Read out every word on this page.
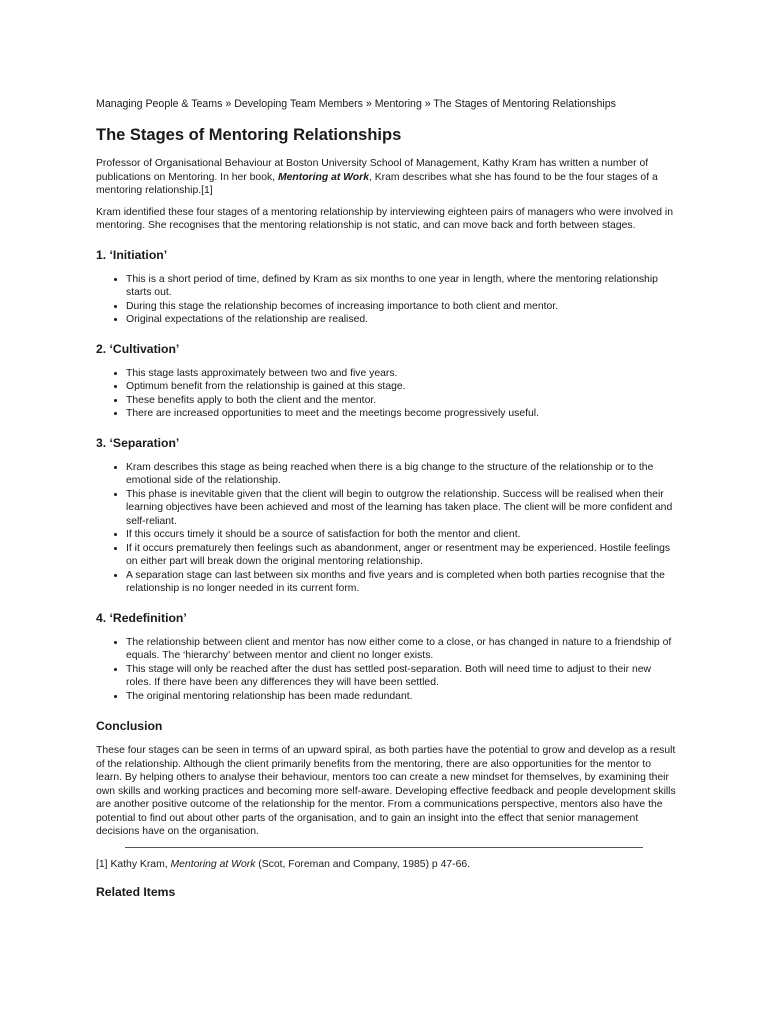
Managing People & Teams » Developing Team Members » Mentoring » The Stages of Mentoring Relationships
The Stages of Mentoring Relationships

Professor of Organisational Behaviour at Boston University School of Management, Kathy Kram has written a number of publications on Mentoring. In her book, Mentoring at Work, Kram describes what she has found to be the four stages of a mentoring relationship.[1]

Kram identified these four stages of a mentoring relationship by interviewing eighteen pairs of managers who were involved in mentoring. She recognises that the mentoring relationship is not static, and can move back and forth between stages.

1. ‘Initiation’
• This is a short period of time, defined by Kram as six months to one year in length, where the mentoring relationship starts out.
• During this stage the relationship becomes of increasing importance to both client and mentor.
• Original expectations of the relationship are realised.
2. ‘Cultivation’
• This stage lasts approximately between two and five years.
• Optimum benefit from the relationship is gained at this stage.
• These benefits apply to both the client and the mentor.
• There are increased opportunities to meet and the meetings become progressively useful.
3. ‘Separation’
• Kram describes this stage as being reached when there is a big change to the structure of the relationship or to the emotional side of the relationship.
• This phase is inevitable given that the client will begin to outgrow the relationship. Success will be realised when their learning objectives have been achieved and most of the learning has taken place. The client will be more confident and self-reliant.
• If this occurs timely it should be a source of satisfaction for both the mentor and client.
• If it occurs prematurely then feelings such as abandonment, anger or resentment may be experienced. Hostile feelings on either part will break down the original mentoring relationship.
• A separation stage can last between six months and five years and is completed when both parties recognise that the relationship is no longer needed in its current form.
4. ‘Redefinition’
• The relationship between client and mentor has now either come to a close, or has changed in nature to a friendship of equals. The ‘hierarchy’ between mentor and client no longer exists.
• This stage will only be reached after the dust has settled post-separation. Both will need time to adjust to their new roles. If there have been any differences they will have been settled.
• The original mentoring relationship has been made redundant.
Conclusion

These four stages can be seen in terms of an upward spiral, as both parties have the potential to grow and develop as a result of the relationship. Although the client primarily benefits from the mentoring, there are also opportunities for the mentor to learn. By helping others to analyse their behaviour, mentors too can create a new mindset for themselves, by examining their own skills and working practices and becoming more self-aware. Developing effective feedback and people development skills are another positive outcome of the relationship for the mentor. From a communications perspective, mentors also have the potential to find out about other parts of the organisation, and to gain an insight into the effect that senior management decisions have on the organisation.

[1] Kathy Kram, Mentoring at Work (Scot, Foreman and Company, 1985) p 47-66.
Related Items
